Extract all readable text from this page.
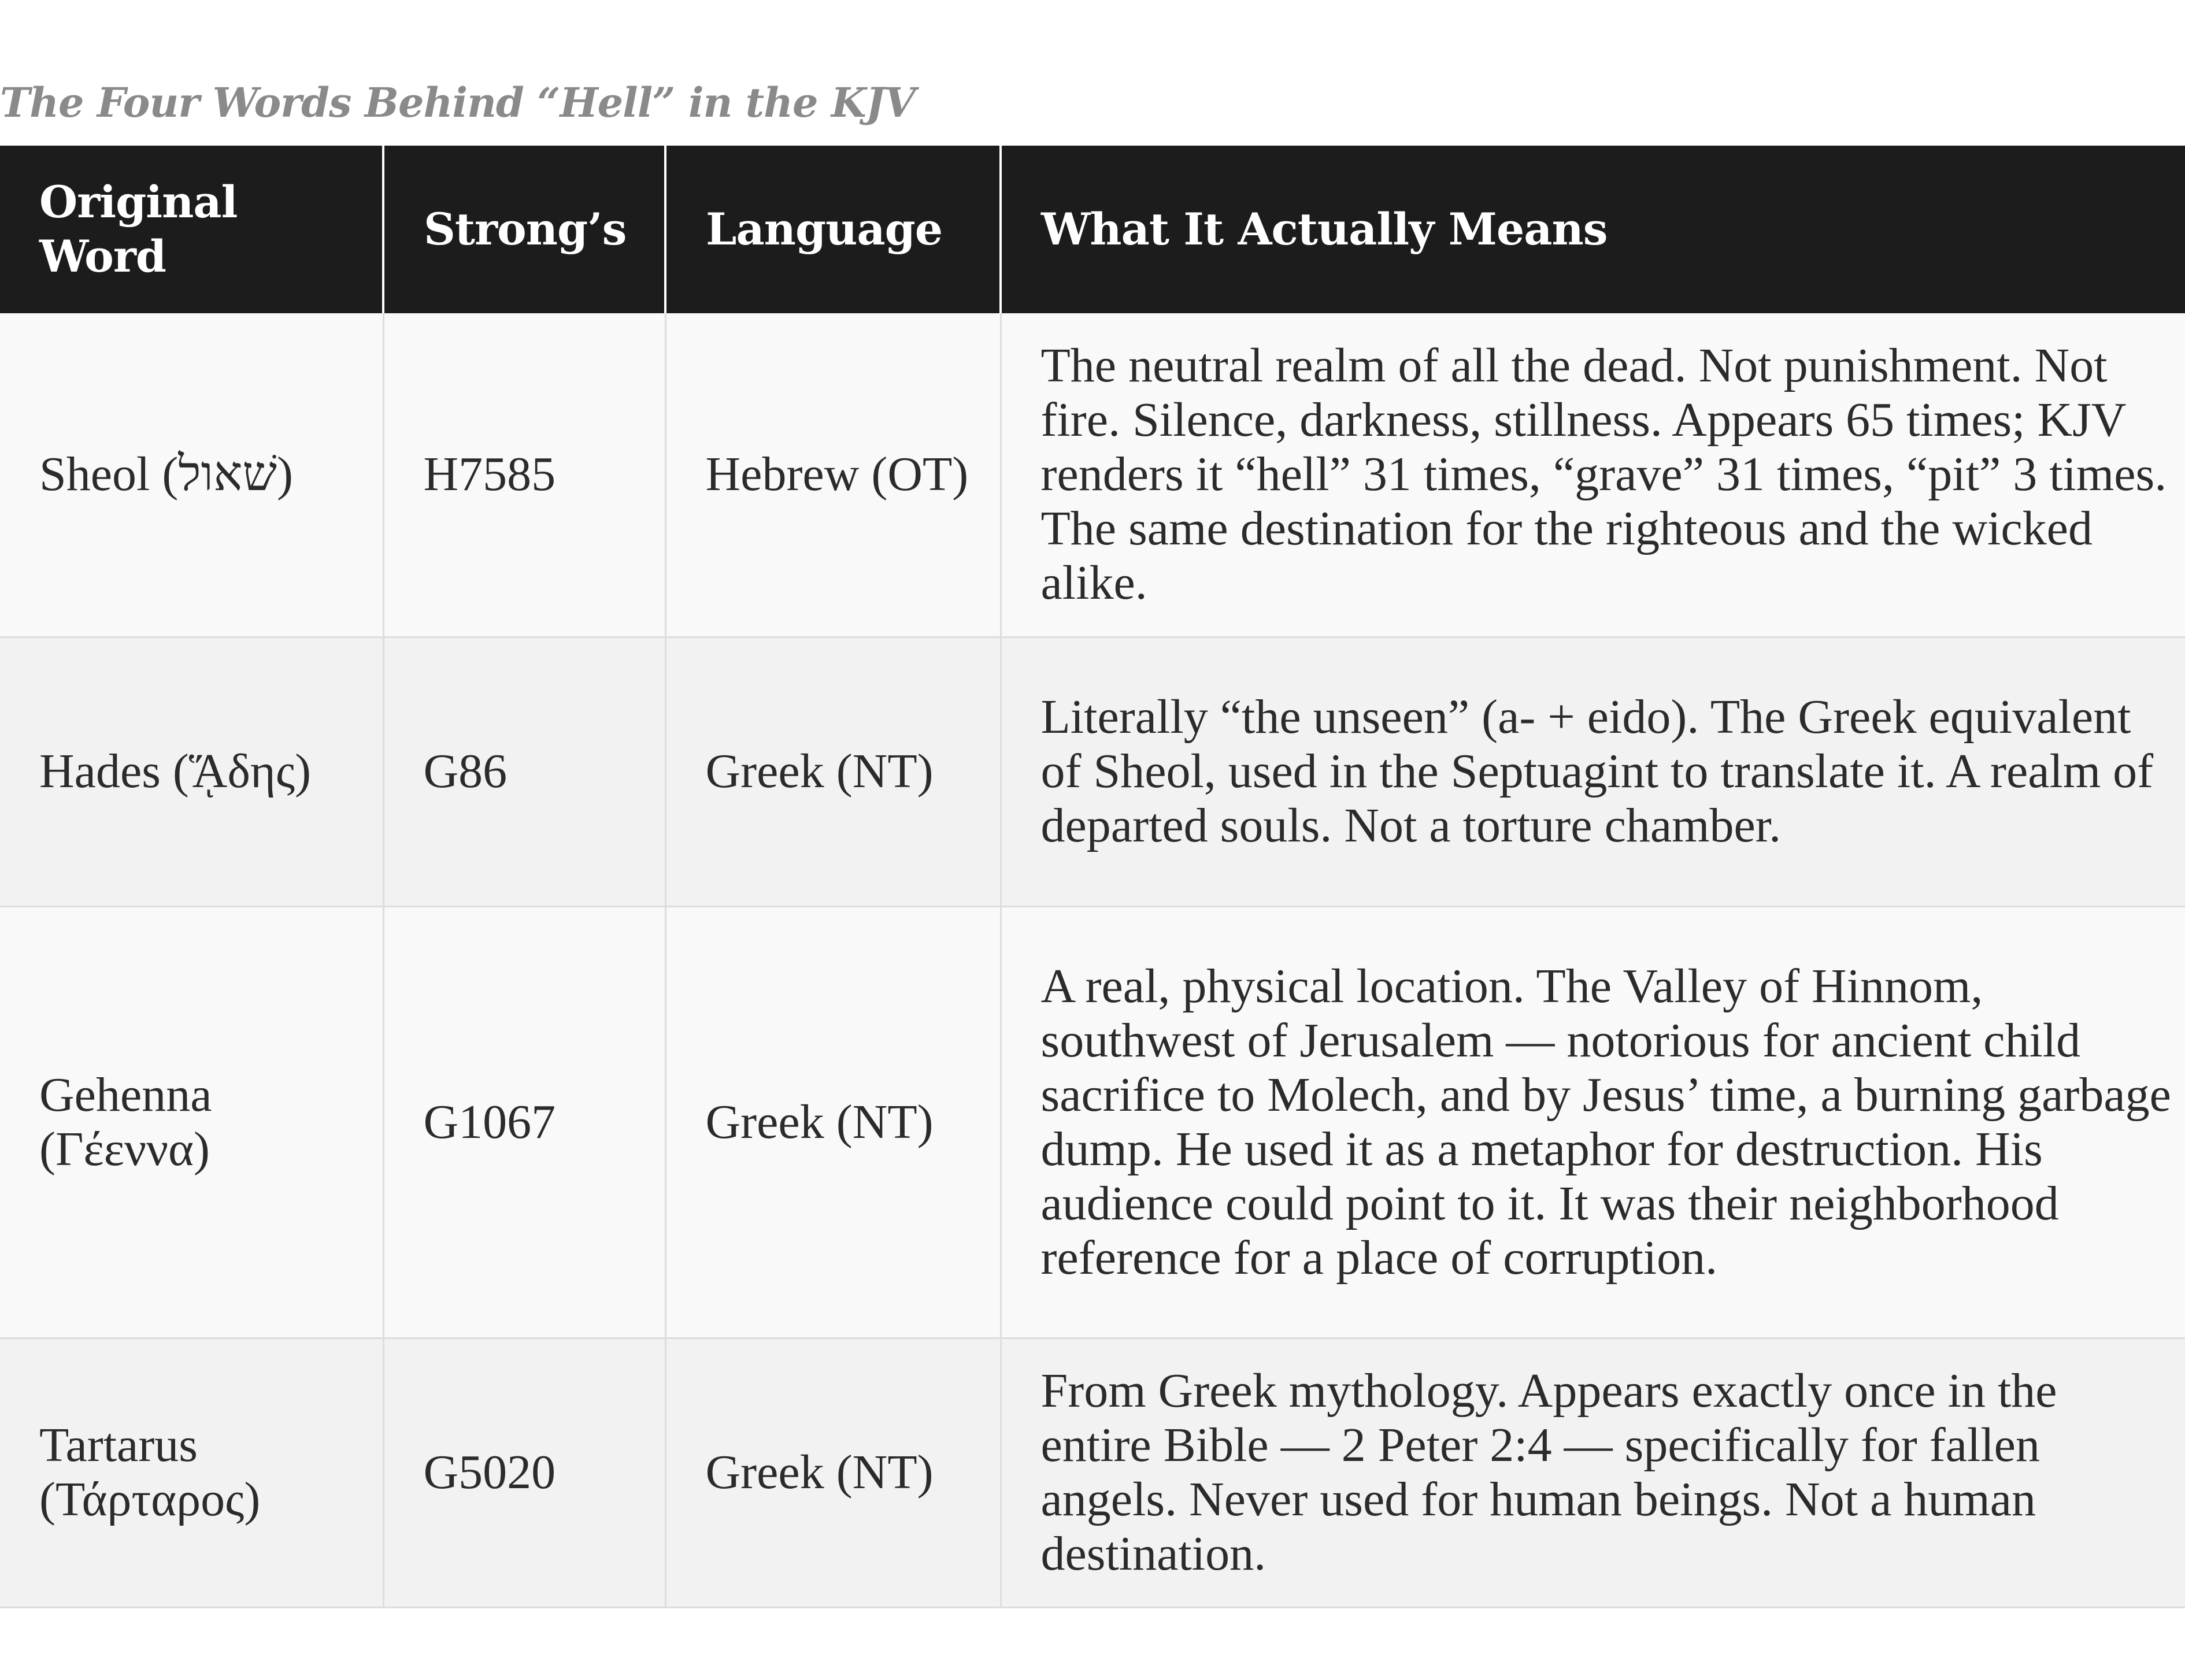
The Four Words Behind “Hell” in the KJV
Original Word	Strong’s	Language	What It Actually Means
Sheol (שׁאול)	H7585	Hebrew (OT)	The neutral realm of all the dead. Not punishment. Not fire. Silence, darkness, stillness. Appears 65 times; KJV renders it “hell” 31 times, “grave” 31 times, “pit” 3 times. The same destination for the righteous and the wicked alike.
Hades (ᾍδης)	G86	Greek (NT)	Literally “the unseen” (a- + eido). The Greek equivalent of Sheol, used in the Septuagint to translate it. A realm of departed souls. Not a torture chamber.
Gehenna (Γέεννα)	G1067	Greek (NT)	A real, physical location. The Valley of Hinnom, southwest of Jerusalem — notorious for ancient child sacrifice to Molech, and by Jesus’ time, a burning garbage dump. He used it as a metaphor for destruction. His audience could point to it. It was their neighborhood reference for a place of corruption.
Tartarus (Τάρταρος)	G5020	Greek (NT)	From Greek mythology. Appears exactly once in the entire Bible — 2 Peter 2:4 — specifically for fallen angels. Never used for human beings. Not a human destination.
